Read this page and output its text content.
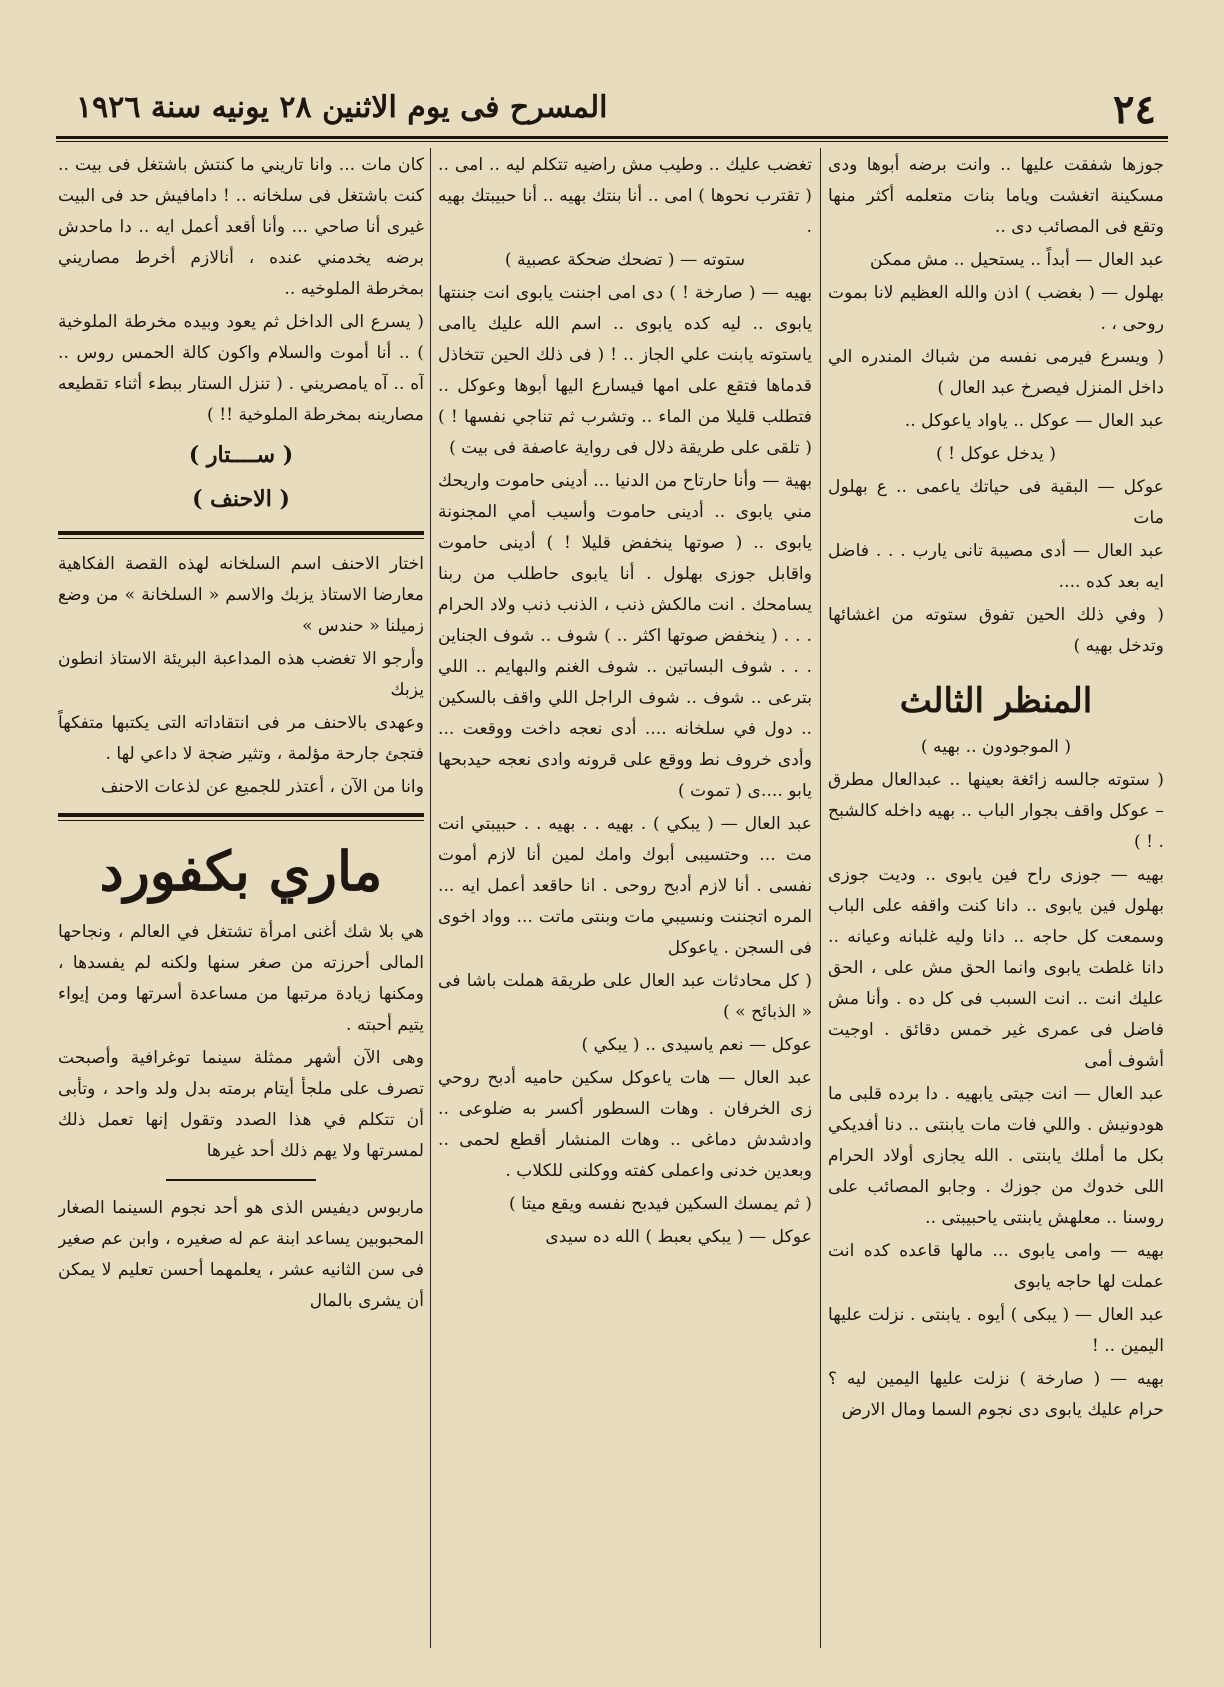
٢٤
المسرح فى يوم الاثنين ٢٨ يونيه سنة ١٩٢٦

جوزها شفقت عليها .. وانت برضه أبوها ودى مسكينة اتغشت وياما بنات متعلمه أكثر منها وتقع فى المصائب دى ..

عبد العال — أبداً .. يستحيل .. مش ممكن

بهلول — ( بغضب ) اذن والله العظيم لانا بموت روحى ، .

( ويسرع فيرمى نفسه من شباك المندره الي داخل المنزل فيصرخ عبد العال )

عبد العال — عوكل .. ياواد ياعوكل ..

( يدخل عوكل ! )

عوكل — البقية فى حياتك ياعمى .. ع بهلول مات

عبد العال — أدى مصيبة تانى يارب . . . فاضل ايه بعد كده ....

( وفي ذلك الحين تفوق ستوته من اغشائها وتدخل بهيه )

المنظر الثالث

( الموجودون .. بهيه )

( ستوته جالسه زائغة بعينها .. عبدالعال مطرق – عوكل واقف بجوار الباب .. بهيه داخله كالشبح . ! )

بهيه — جوزى راح فين يابوى .. وديت جوزى بهلول فين يابوى .. دانا كنت واقفه على الباب وسمعت كل حاجه .. دانا وليه غلبانه وعيانه .. دانا غلطت يابوى وانما الحق مش على ، الحق عليك انت .. انت السبب فى كل ده . وأنا مش فاضل فى عمرى غير خمس دقائق . اوجيت أشوف أمى

عبد العال — انت جيتى يابهيه . دا برده قلبى ما هودونيش . واللي فات مات يابنتى .. دنا أفديكي بكل ما أملك يابنتى . الله يجازى أولاد الحرام اللى خدوك من جوزك . وجابو المصائب على روسنا .. معلهش يابنتى ياحبيبتى ..

بهيه — وامى يابوى ... مالها قاعده كده انت عملت لها حاجه يابوى

عبد العال — ( يبكى ) أيوه . يابنتى . نزلت عليها اليمين .. !

بهيه — ( صارخة ) نزلت عليها اليمين ليه ؟ حرام عليك يابوى دى نجوم السما ومال الارض

تغضب عليك .. وطيب مش راضيه تتكلم ليه .. امى .. ( تقترب نحوها ) امى .. أنا بنتك بهيه .. أنا حبيبتك بهيه .

ستوته — ( تضحك ضحكة عصبية )

بهيه — ( صارخة ! ) دى امى اجننت يابوى انت جننتها يابوى .. ليه كده يابوى .. اسم الله عليك ياامى ياستوته يابنت علي الجاز .. ! ( فى ذلك الحين تتخاذل قدماها فتقع على امها فيسارع اليها أبوها وعوكل .. فتطلب قليلا من الماء .. وتشرب ثم تناجي نفسها ! ) ( تلقى على طريقة دلال فى رواية عاصفة فى بيت )

بهية — وأنا حارتاح من الدنيا ... أدينى حاموت واريحك مني يابوى .. أدينى حاموت وأسيب أمي المجنونة يابوى .. ( صوتها ينخفض قليلا ! ) أدينى حاموت واقابل جوزى بهلول . أنا يابوى حاطلب من ربنا يسامحك . انت مالكش ذنب ، الذنب ذنب ولاد الحرام . . . ( ينخفض صوتها اكثر .. ) شوف .. شوف الجناين . . . شوف البساتين .. شوف الغنم والبهايم .. اللي بترعى .. شوف .. شوف الراجل اللي واقف بالسكين .. دول في سلخانه .... أدى نعجه داخت ووقعت ... وأدى خروف نط ووقع على قرونه وادى نعجه حيدبحها يابو ....ى ( تموت )

عبد العال — ( يبكي ) . بهيه . . بهيه . . حبيبتي انت مت ... وحتسيبى أبوك وامك لمين أنا لازم أموت نفسى . أنا لازم أدبح روحى . انا حاقعد أعمل ايه ... المره اتجننت ونسيبي مات وبنتى ماتت ... وواد اخوى فى السجن . ياعوكل

( كل محادثات عبد العال على طريقة هملت باشا فى « الذبائح » )

عوكل — نعم ياسيدى .. ( يبكي )

عبد العال — هات ياعوكل سكين حاميه أدبح روحي زى الخرفان . وهات السطور أكسر به ضلوعى .. وادشدش دماغى .. وهات المنشار أقطع لحمى .. وبعدين خدنى واعملى كفته ووكلنى للكلاب .

( ثم يمسك السكين فيدبح نفسه ويقع ميتا )

عوكل — ( يبكي بعبط ) الله ده سيدى

كان مات ... وانا تاريني ما كنتش باشتغل فى بيت .. كنت باشتغل فى سلخانه .. ! دامافيش حد فى البيت غيرى أنا صاحي ... وأنا أقعد أعمل ايه .. دا ماحدش برضه يخدمني عنده ، أنالازم أخرط مصاريني بمخرطة الملوخيه ..

( يسرع الى الداخل ثم يعود وبيده مخرطة الملوخية ) .. أنا أموت والسلام واكون كالة الحمس روس .. آه .. آه يامصريني . ( تنزل الستار ببطء أثناء تقطيعه مصارينه بمخرطة الملوخية !! )

( ســــتار )
( الاحنف )

اختار الاحنف اسم السلخانه لهذه القصة الفكاهية معارضا الاستاذ يزبك والاسم « السلخانة » من وضع زميلنا « حندس »

وأرجو الا تغضب هذه المداعبة البريئة الاستاذ انطون يزبك

وعهدى بالاحنف مر فى انتقاداته التى يكتبها متفكهاً فتجئ جارحة مؤلمة ، وتثير ضجة لا داعي لها .

وانا من الآن ، أعتذر للجميع عن لذعات الاحنف

ماري بكفورد

هي بلا شك أغنى امرأة تشتغل في العالم ، ونجاحها المالى أحرزته من صغر سنها ولكنه لم يفسدها ، ومكنها زيادة مرتبها من مساعدة أسرتها ومن إيواء يتيم أحبته .

وهى الآن أشهر ممثلة سينما توغرافية وأصبحت تصرف على ملجأ أيتام برمته بدل ولد واحد ، وتأبى أن تتكلم في هذا الصدد وتقول إنها تعمل ذلك لمسرتها ولا يهم ذلك أحد غيرها

ماربوس ديفيس الذى هو أحد نجوم السينما الصغار المحبوبين يساعد ابنة عم له صغيره ، وابن عم صغير فى سن الثانيه عشر ، يعلمهما أحسن تعليم لا يمكن أن يشرى بالمال
